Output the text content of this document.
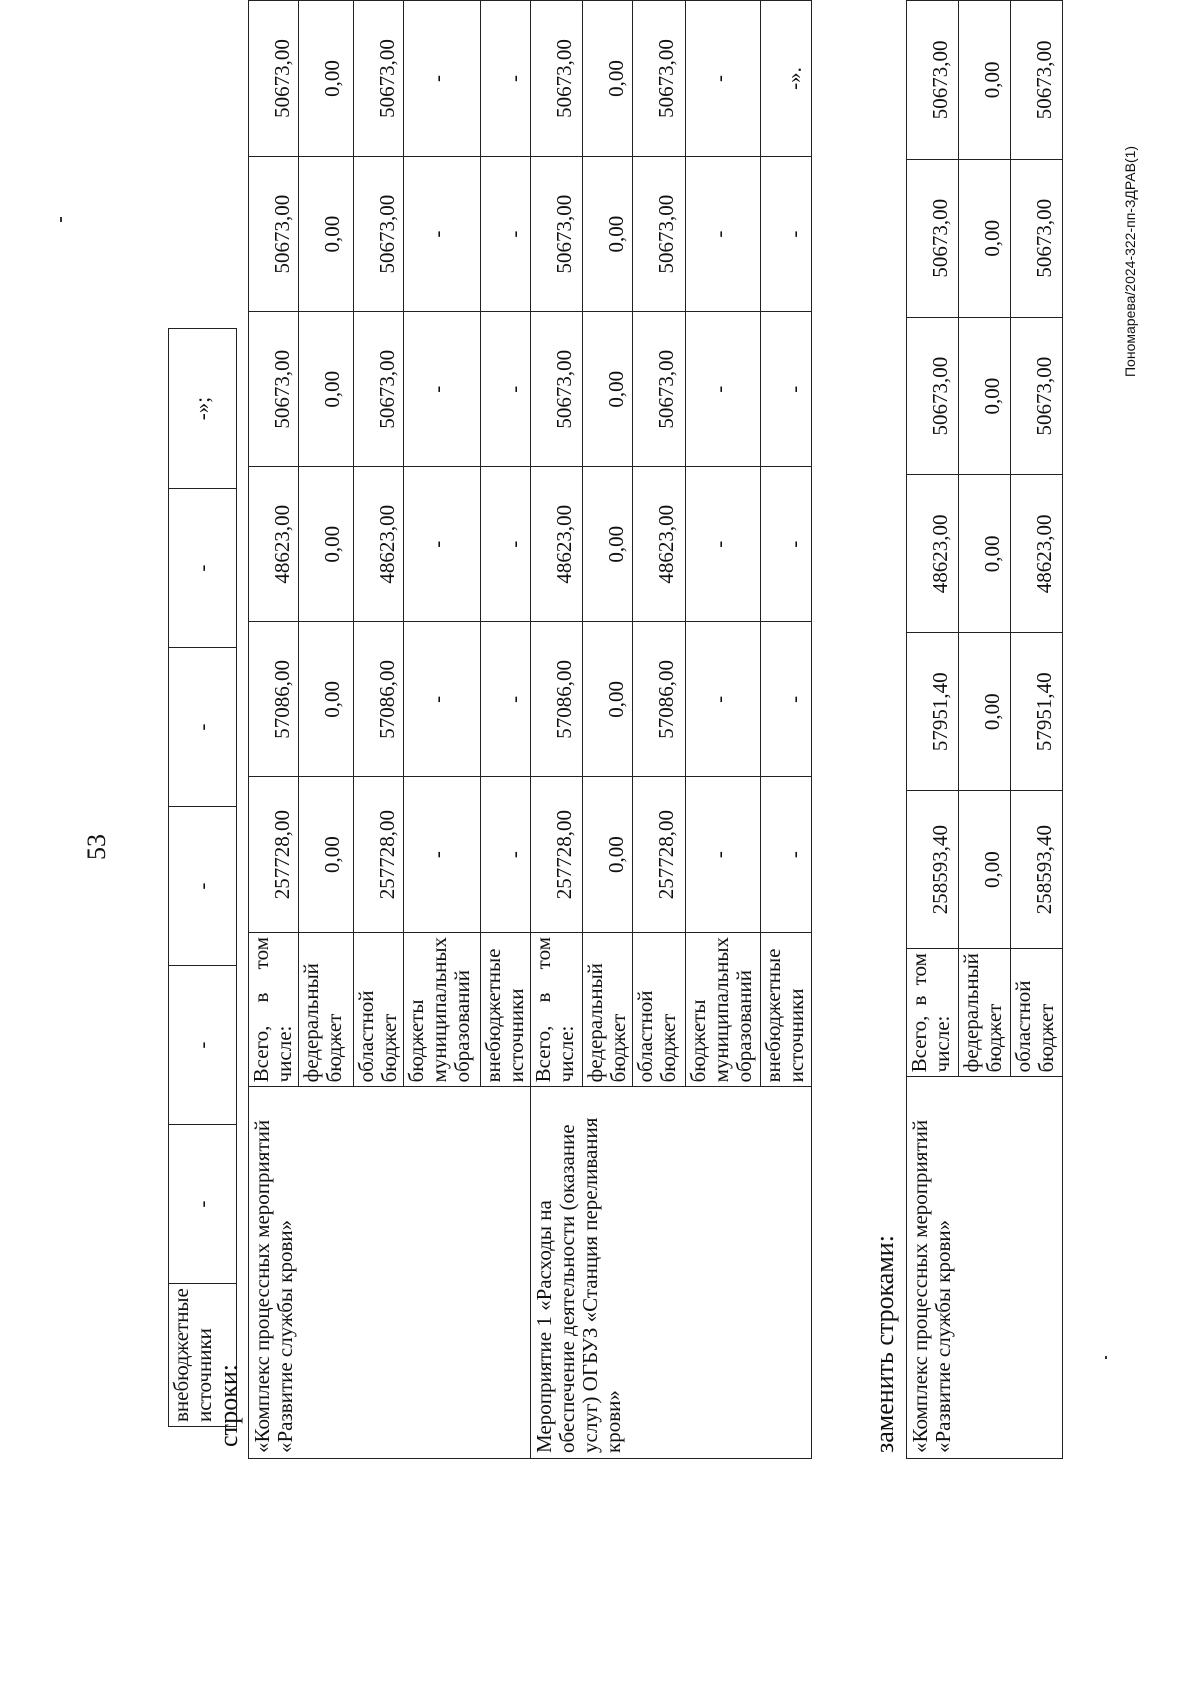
53
внебюджетные источники	-	-	-	-	-	-»;
строки: «Комплекс процессных мероприятий «Развитие службы крови»	Всего,
в
том
числе:	257728,00	57086,00	48623,00	50673,00	50673,00	50673,00
	федеральный бюджет	0,00	0,00	0,00	0,00	0,00	0,00
	областной бюджет	257728,00	57086,00	48623,00	50673,00	50673,00	50673,00
	бюджеты муниципальных образований	-	-	-	-	-	-
	внебюджетные источники	-	-	-	-	-	-
Мероприятие 1 «Расходы на обеспечение деятельности (оказание услуг) ОГБУЗ «Станция переливания крови»	Всего,
в
том
числе:	257728,00	57086,00	48623,00	50673,00	50673,00	50673,00
	федеральный бюджет	0,00	0,00	0,00	0,00	0,00	0,00
	областной бюджет	257728,00	57086,00	48623,00	50673,00	50673,00	50673,00
	бюджеты муниципальных образований	-	-	-	-	-	-
	внебюджетные источники	-	-	-	-	-	-».
заменить строками: «Комплекс процессных мероприятий «Развитие службы крови»	Всего,
в
том
числе:	258593,40	57951,40	48623,00	50673,00	50673,00	50673,00
	федеральный бюджет	0,00	0,00	0,00	0,00	0,00	0,00
	областной бюджет	258593,40	57951,40	48623,00	50673,00	50673,00	50673,00
Пономарева/2024-322-пп-ЗДРАВ(1)
